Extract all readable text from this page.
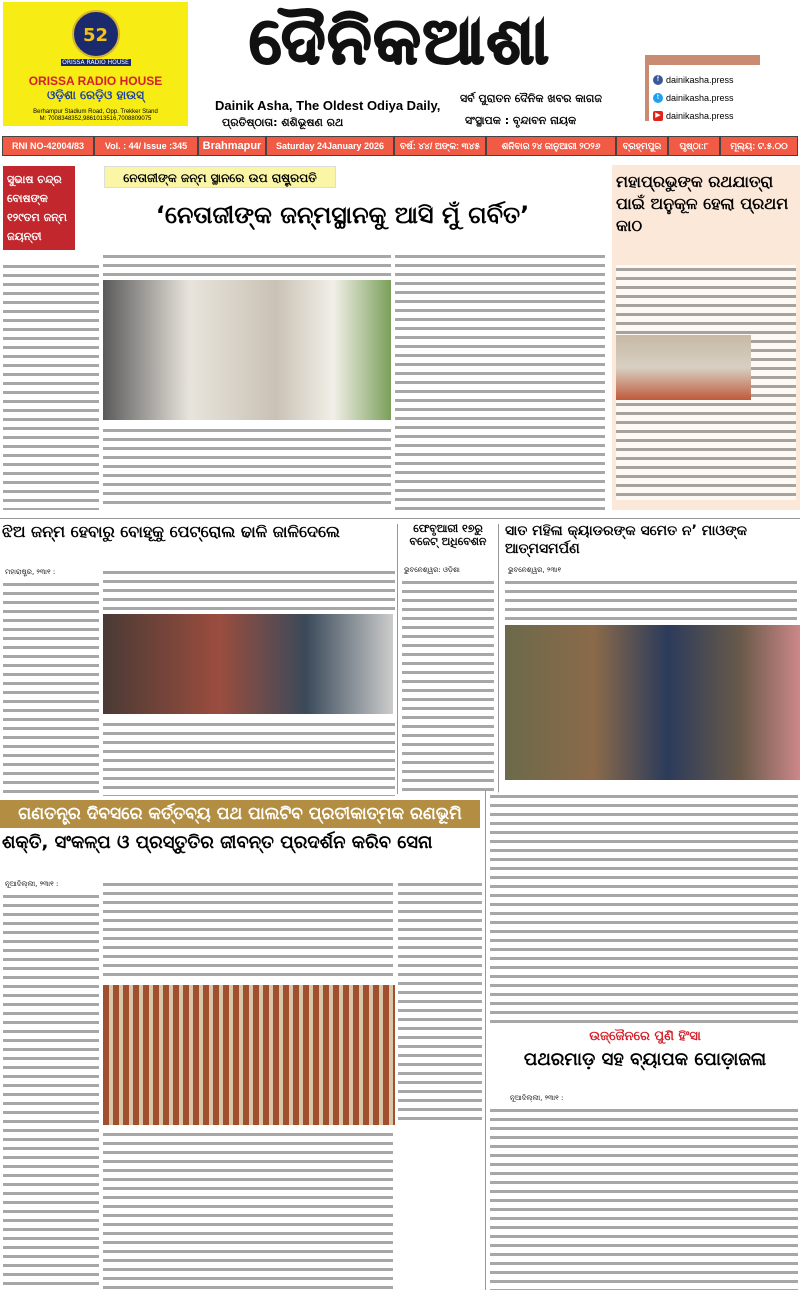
52
ORISSA RADIO HOUSE
ORISSA RADIO HOUSE
ଓଡ଼ିଶା ରେଡ଼ିଓ ହାଉସ୍
Berhampur Stadium Road, Opp. Trekker Stand
M: 7008348352,9861013516,7008809075
ଦୈନିକଆଶା
Dainik Asha, The Oldest Odiya Daily,
ପ୍ରତିଷ୍ଠାତା: ଶଶିଭୂଷଣ ରଥ
ସର୍ବ ପୁରାତନ ଦୈନିକ ଖବର କାଗଜ
ସଂସ୍ଥାପକ : ବୃନ୍ଦାବନ ନାୟକ
f dainikasha.press
t dainikasha.press
▶ dainikasha.press
RNI NO-42004/83	Vol. : 44/ Issue :345	Brahmapur	Saturday 24January 2026	ବର୍ଷ: ୪୪/ ଅଙ୍କ: ୩୪୫	ଶନିବାର ୨୪ ଜାନୁଆରୀ ୨୦୨୬	ବ୍ରହ୍ମପୁର	ପୃଷ୍ଠା:୮	ମୂଲ୍ୟ: ଟ.୫.୦୦
ସୁଭାଷ ଚନ୍ଦ୍ର ବୋଷଙ୍କ ୧୨୯ତମ ଜନ୍ମ ଜୟନ୍ତୀ
ନେତାଜୀଙ୍କ ଜନ୍ମ ସ୍ଥାନରେ ଉପ ରାଷ୍ଟ୍ରପତି
‘ନେତାଜୀଙ୍କ ଜନ୍ମସ୍ଥାନକୁ ଆସି ମୁଁ ଗର୍ବିତ’
ମହାପ୍ରଭୁଙ୍କ ରଥଯାତ୍ରା ପାଇଁ ଅନୁକୂଳ ହେଲା ପ୍ରଥମ କାଠ
ଝିଅ ଜନ୍ମ ହେବାରୁ ବୋହୂକୁ ପେଟ୍ରୋଲ ଢାଳି ଜାଳିଦେଲେ
ମହାରାଷ୍ଟ୍ର, ୨୩ା୧ :
ଫେବୃଆରୀ ୧୭ରୁ ବଜେଟ୍ ଅଧିବେଶନ
ଭୁବନେଶ୍ୱର: ଓଡ଼ିଶା
ସାତ ମହିଳା କ୍ୟାଡରଙ୍କ ସମେତ ନ’ ମାଓଙ୍କ ଆତ୍ମସମର୍ପଣ
ଭୁବନେଶ୍ୱର, ୨୩ା୧
ଗଣତନ୍ତ୍ର ଦିବସରେ କର୍ତ୍ତବ୍ୟ ପଥ ପାଲଟିବ ପ୍ରତୀକାତ୍ମକ ରଣଭୂମି
ଶକ୍ତି, ସଂକଳ୍ପ ଓ ପ୍ରସ୍ତୁତିର ଜୀବନ୍ତ ପ୍ରଦର୍ଶନ କରିବ ସେନା
ନୂଆଦିଲ୍ଲୀ, ୨୩ା୧ :
ଉଜ୍ଜୈନରେ ପୁଣି ହିଂସା
ପଥରମାଡ଼ ସହ ବ୍ୟାପକ ପୋଡ଼ାଜଳା
ନୂଆଦିଲ୍ଲୀ, ୨୩ା୧ :
